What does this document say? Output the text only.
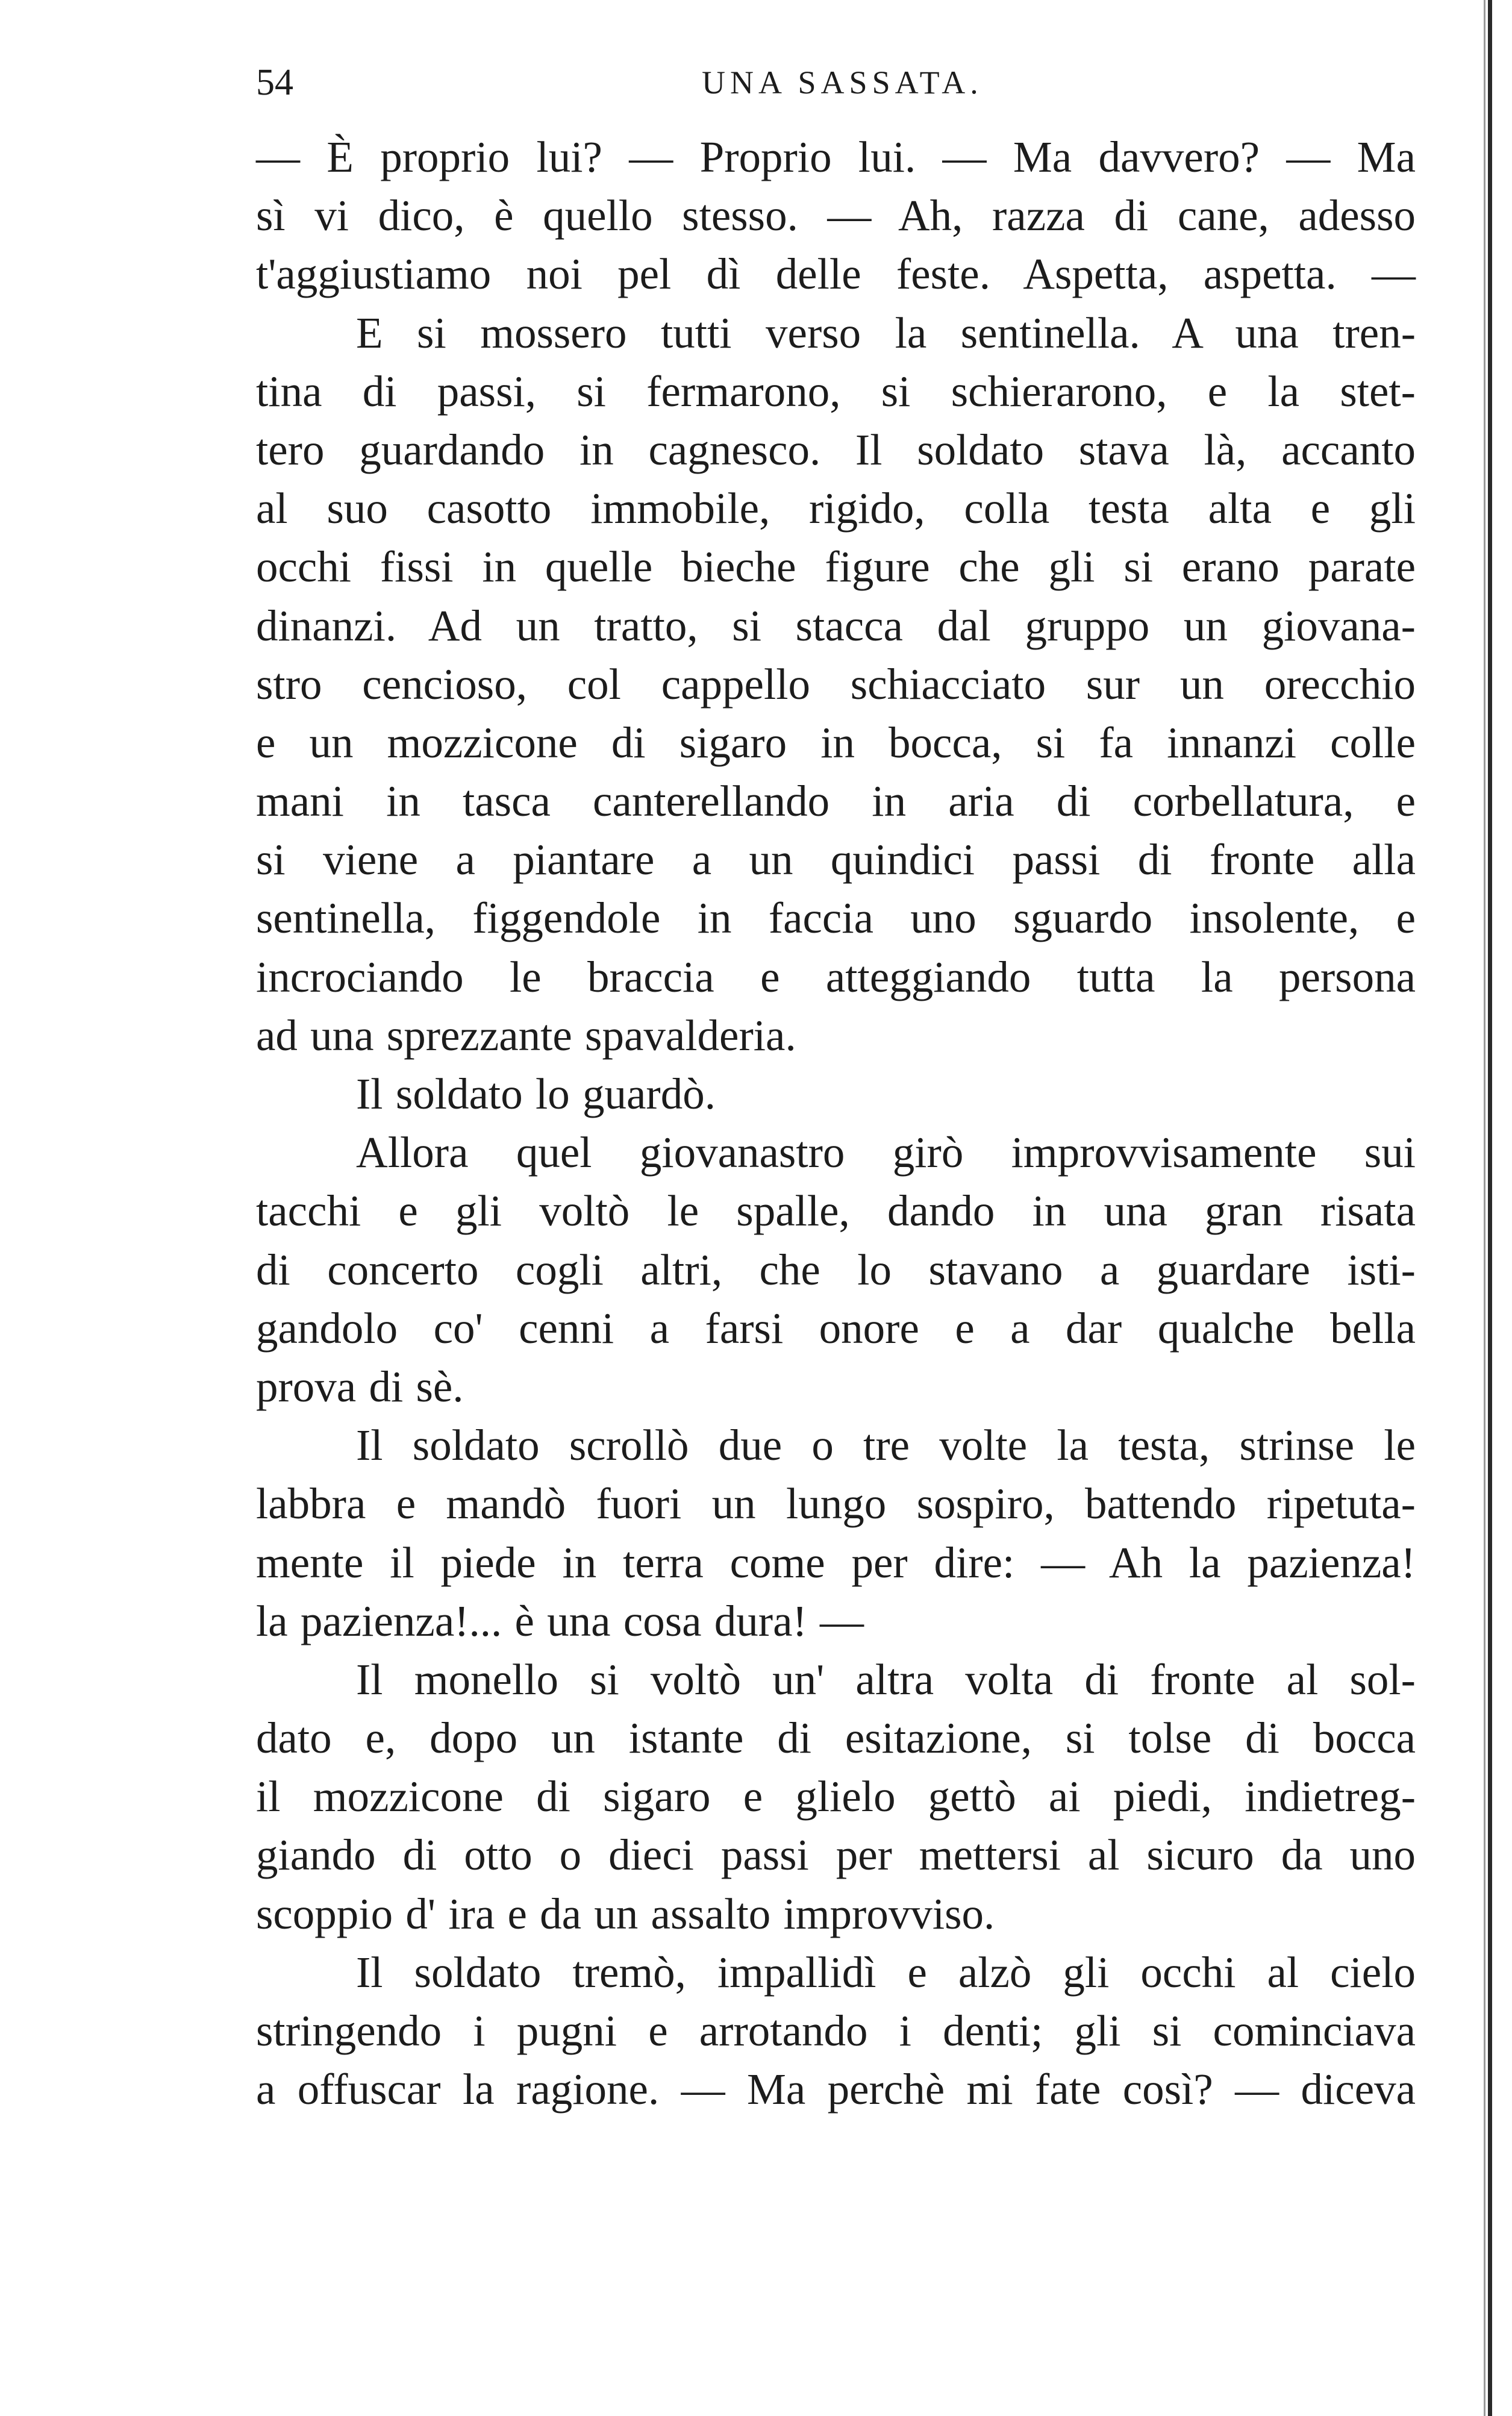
54	UNA SASSATA.
— È proprio lui? — Proprio lui. — Ma davvero? — Ma
sì vi dico, è quello stesso. — Ah, razza di cane, adesso
t'aggiustiamo noi pel dì delle feste. Aspetta, aspetta. —
E si mossero tutti verso la sentinella. A una tren-
tina di passi, si fermarono, si schierarono, e la stet-
tero guardando in cagnesco. Il soldato stava là, accanto
al suo casotto immobile, rigido, colla testa alta e gli
occhi fissi in quelle bieche figure che gli si erano parate
dinanzi. Ad un tratto, si stacca dal gruppo un giovana-
stro cencioso, col cappello schiacciato sur un orecchio
e un mozzicone di sigaro in bocca, si fa innanzi colle
mani in tasca canterellando in aria di corbellatura, e
si viene a piantare a un quindici passi di fronte alla
sentinella, figgendole in faccia uno sguardo insolente, e
incrociando le braccia e atteggiando tutta la persona
ad una sprezzante spavalderia.
Il soldato lo guardò.
Allora quel giovanastro girò improvvisamente sui
tacchi e gli voltò le spalle, dando in una gran risata
di concerto cogli altri, che lo stavano a guardare isti-
gandolo co' cenni a farsi onore e a dar qualche bella
prova di sè.
Il soldato scrollò due o tre volte la testa, strinse le
labbra e mandò fuori un lungo sospiro, battendo ripetuta-
mente il piede in terra come per dire: — Ah la pazienza!
la pazienza!... è una cosa dura! —
Il monello si voltò un' altra volta di fronte al sol-
dato e, dopo un istante di esitazione, si tolse di bocca
il mozzicone di sigaro e glielo gettò ai piedi, indietreg-
giando di otto o dieci passi per mettersi al sicuro da uno
scoppio d' ira e da un assalto improvviso.
Il soldato tremò, impallidì e alzò gli occhi al cielo
stringendo i pugni e arrotando i denti; gli si cominciava
a offuscar la ragione. — Ma perchè mi fate così? — diceva
